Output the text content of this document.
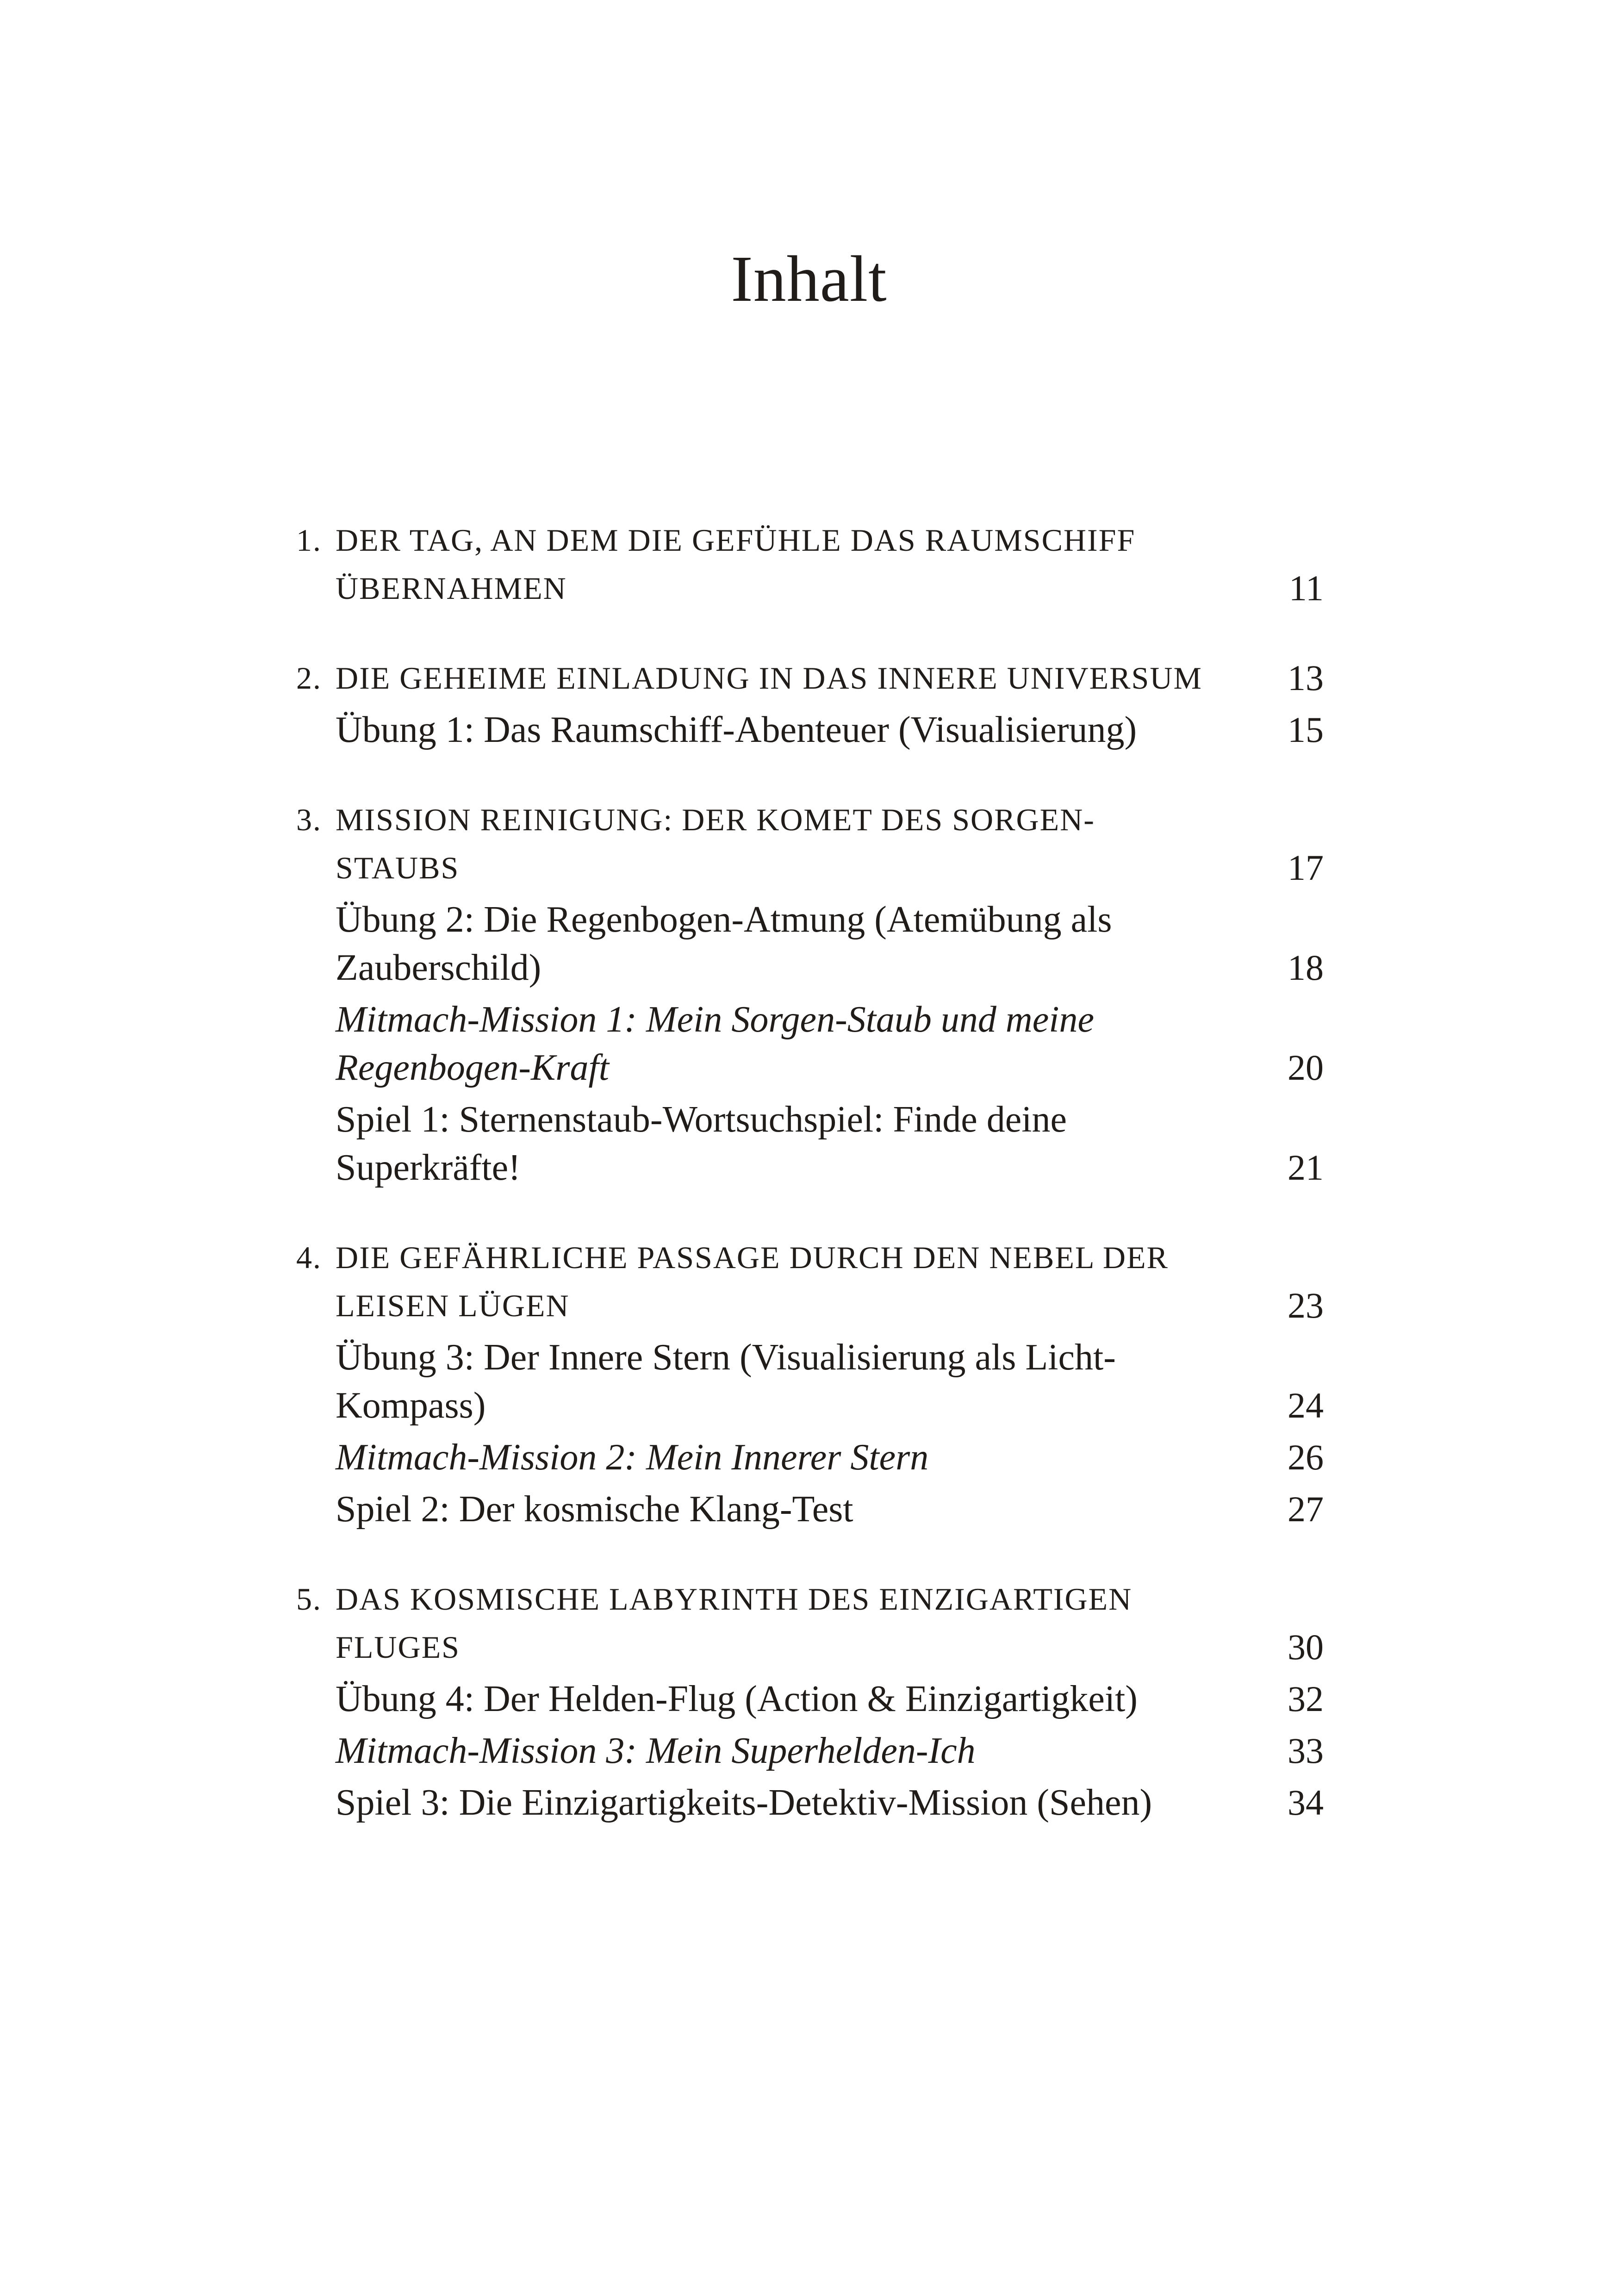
Inhalt
1. DER TAG, AN DEM DIE GEFÜHLE DAS RAUMSCHIFF ÜBERNAHMEN	11
2. DIE GEHEIME EINLADUNG IN DAS INNERE UNIVERSUM	13
Übung 1: Das Raumschiff-Abenteuer (Visualisierung)	15
3. MISSION REINIGUNG: DER KOMET DES SORGEN-STAUBS	17
Übung 2: Die Regenbogen-Atmung (Atemübung als Zauberschild)	18
Mitmach-Mission 1: Mein Sorgen-Staub und meine Regenbogen-Kraft	20
Spiel 1: Sternenstaub-Wortsuchspiel: Finde deine Superkräfte!	21
4. DIE GEFÄHRLICHE PASSAGE DURCH DEN NEBEL DER LEISEN LÜGEN	23
Übung 3: Der Innere Stern (Visualisierung als Licht-Kompass)	24
Mitmach-Mission 2: Mein Innerer Stern	26
Spiel 2: Der kosmische Klang-Test	27
5. DAS KOSMISCHE LABYRINTH DES EINZIGARTIGEN FLUGES	30
Übung 4: Der Helden-Flug (Action & Einzigartigkeit)	32
Mitmach-Mission 3: Mein Superhelden-Ich	33
Spiel 3: Die Einzigartigkeits-Detektiv-Mission (Sehen)	34
